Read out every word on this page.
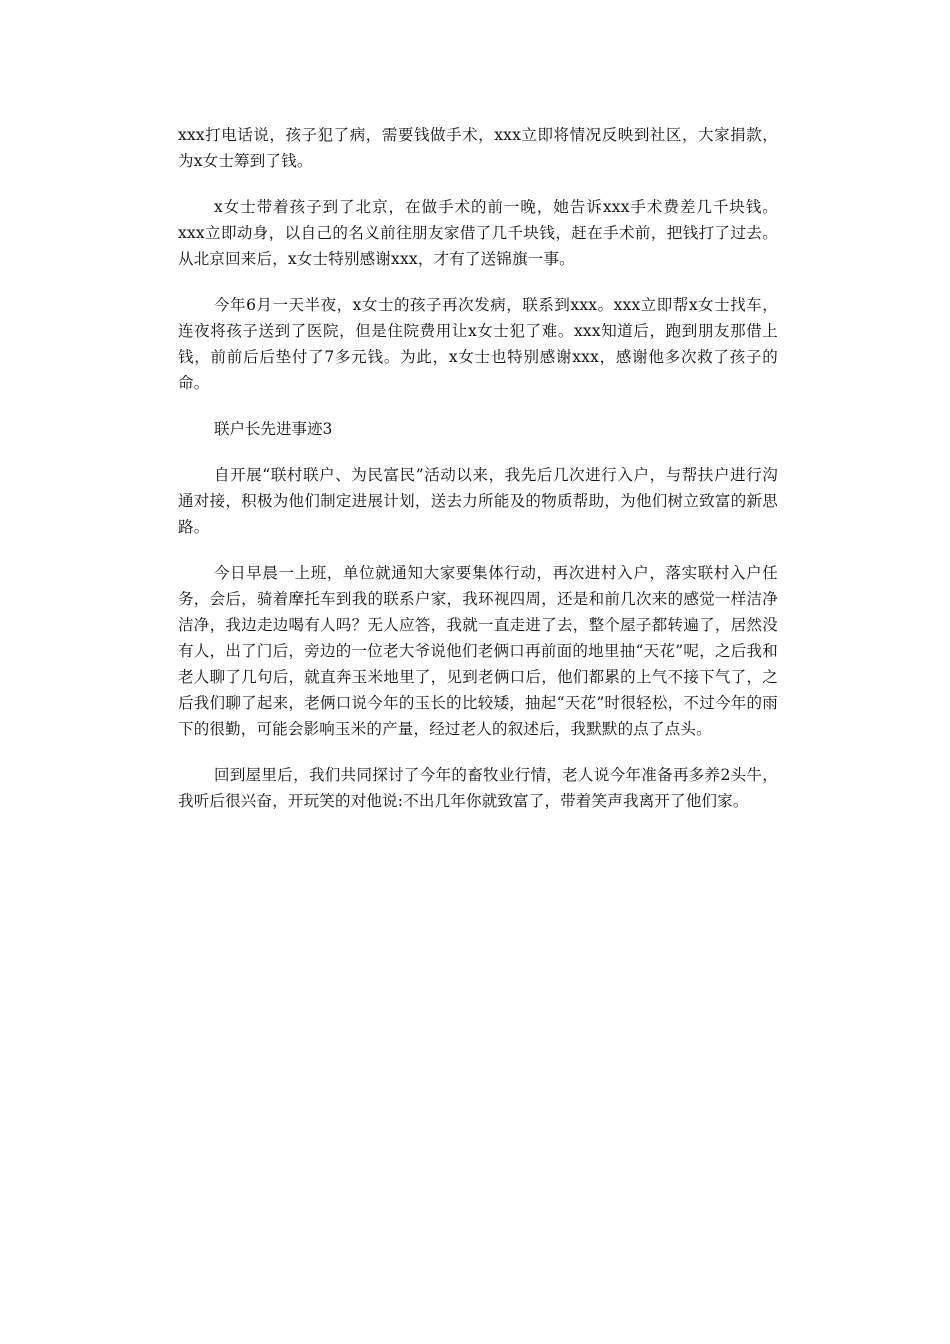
xxx打电话说，孩子犯了病，需要钱做手术，xxx立即将情况反映到社区，大家捐款，为x女士筹到了钱。

x女士带着孩子到了北京，在做手术的前一晚，她告诉xxx手术费差几千块钱。xxx立即动身，以自己的名义前往朋友家借了几千块钱，赶在手术前，把钱打了过去。从北京回来后，x女士特别感谢xxx，才有了送锦旗一事。

今年6月一天半夜，x女士的孩子再次发病，联系到xxx。xxx立即帮x女士找车，连夜将孩子送到了医院，但是住院费用让x女士犯了难。xxx知道后，跑到朋友那借上钱，前前后后垫付了7多元钱。为此，x女士也特别感谢xxx，感谢他多次救了孩子的命。

联户长先进事迹3

自开展“联村联户、为民富民”活动以来，我先后几次进行入户，与帮扶户进行沟通对接，积极为他们制定进展计划，送去力所能及的物质帮助，为他们树立致富的新思路。

今日早晨一上班，单位就通知大家要集体行动，再次进村入户，落实联村入户任务，会后，骑着摩托车到我的联系户家，我环视四周，还是和前几次来的感觉一样洁净洁净，我边走边喝有人吗？无人应答，我就一直走进了去，整个屋子都转遍了，居然没有人，出了门后，旁边的一位老大爷说他们老俩口再前面的地里抽“天花”呢，之后我和老人聊了几句后，就直奔玉米地里了，见到老俩口后，他们都累的上气不接下气了，之后我们聊了起来，老俩口说今年的玉长的比较矮，抽起“天花”时很轻松，不过今年的雨下的很勤，可能会影响玉米的产量，经过老人的叙述后，我默默的点了点头。

回到屋里后，我们共同探讨了今年的畜牧业行情，老人说今年准备再多养2头牛，我听后很兴奋，开玩笑的对他说:不出几年你就致富了，带着笑声我离开了他们家。
